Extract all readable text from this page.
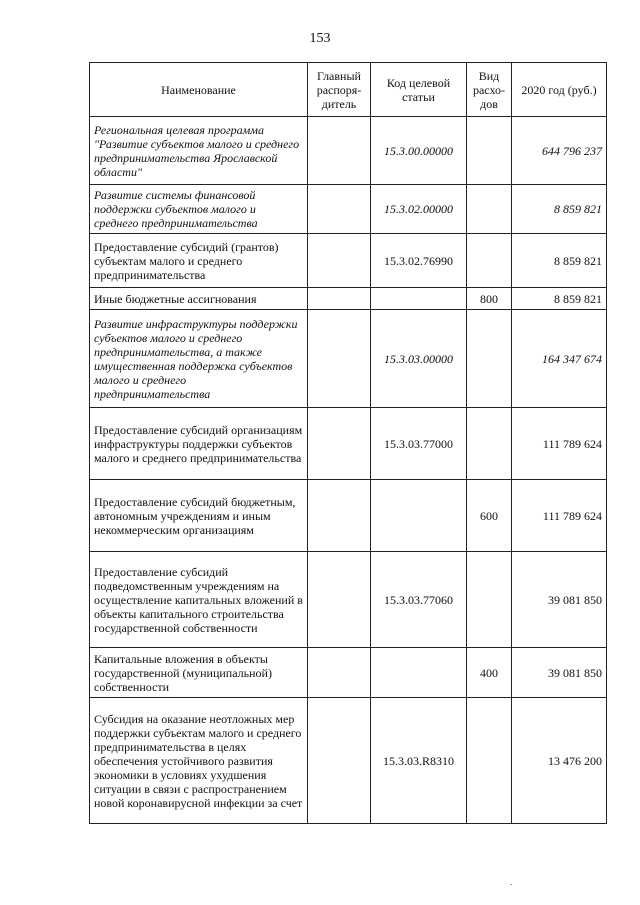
153
Наименование	Главный распоря- дитель	Код целевой статьи	Вид расхо- дов	2020 год (руб.)
Региональная целевая программа "Развитие субъектов малого и среднего предпринимательства Ярославской области"		15.3.00.00000		644 796 237
Развитие системы финансовой поддержки субъектов малого и среднего предпринимательства		15.3.02.00000		8 859 821
Предоставление субсидий (грантов) субъектам малого и среднего предпринимательства		15.3.02.76990		8 859 821
Иные бюджетные ассигнования			800	8 859 821
Развитие инфраструктуры поддержки субъектов малого и среднего предпринимательства, а также имущественная поддержка субъектов малого и среднего предпринимательства		15.3.03.00000		164 347 674
Предоставление субсидий организациям инфраструктуры поддержки субъектов малого и среднего предпринимательства		15.3.03.77000		111 789 624
Предоставление субсидий бюджетным, автономным учреждениям и иным некоммерческим организациям			600	111 789 624
Предоставление субсидий подведомственным учреждениям на осуществление капитальных вложений в объекты капитального строительства государственной собственности		15.3.03.77060		39 081 850
Капитальные вложения в объекты государственной (муниципальной) собственности			400	39 081 850
Субсидия на оказание неотложных мер поддержки субъектам малого и среднего предпринимательства в целях обеспечения устойчивого развития экономики в условиях ухудшения ситуации в связи с распространением новой коронавирусной инфекции за счет		15.3.03.R8310		13 476 200
